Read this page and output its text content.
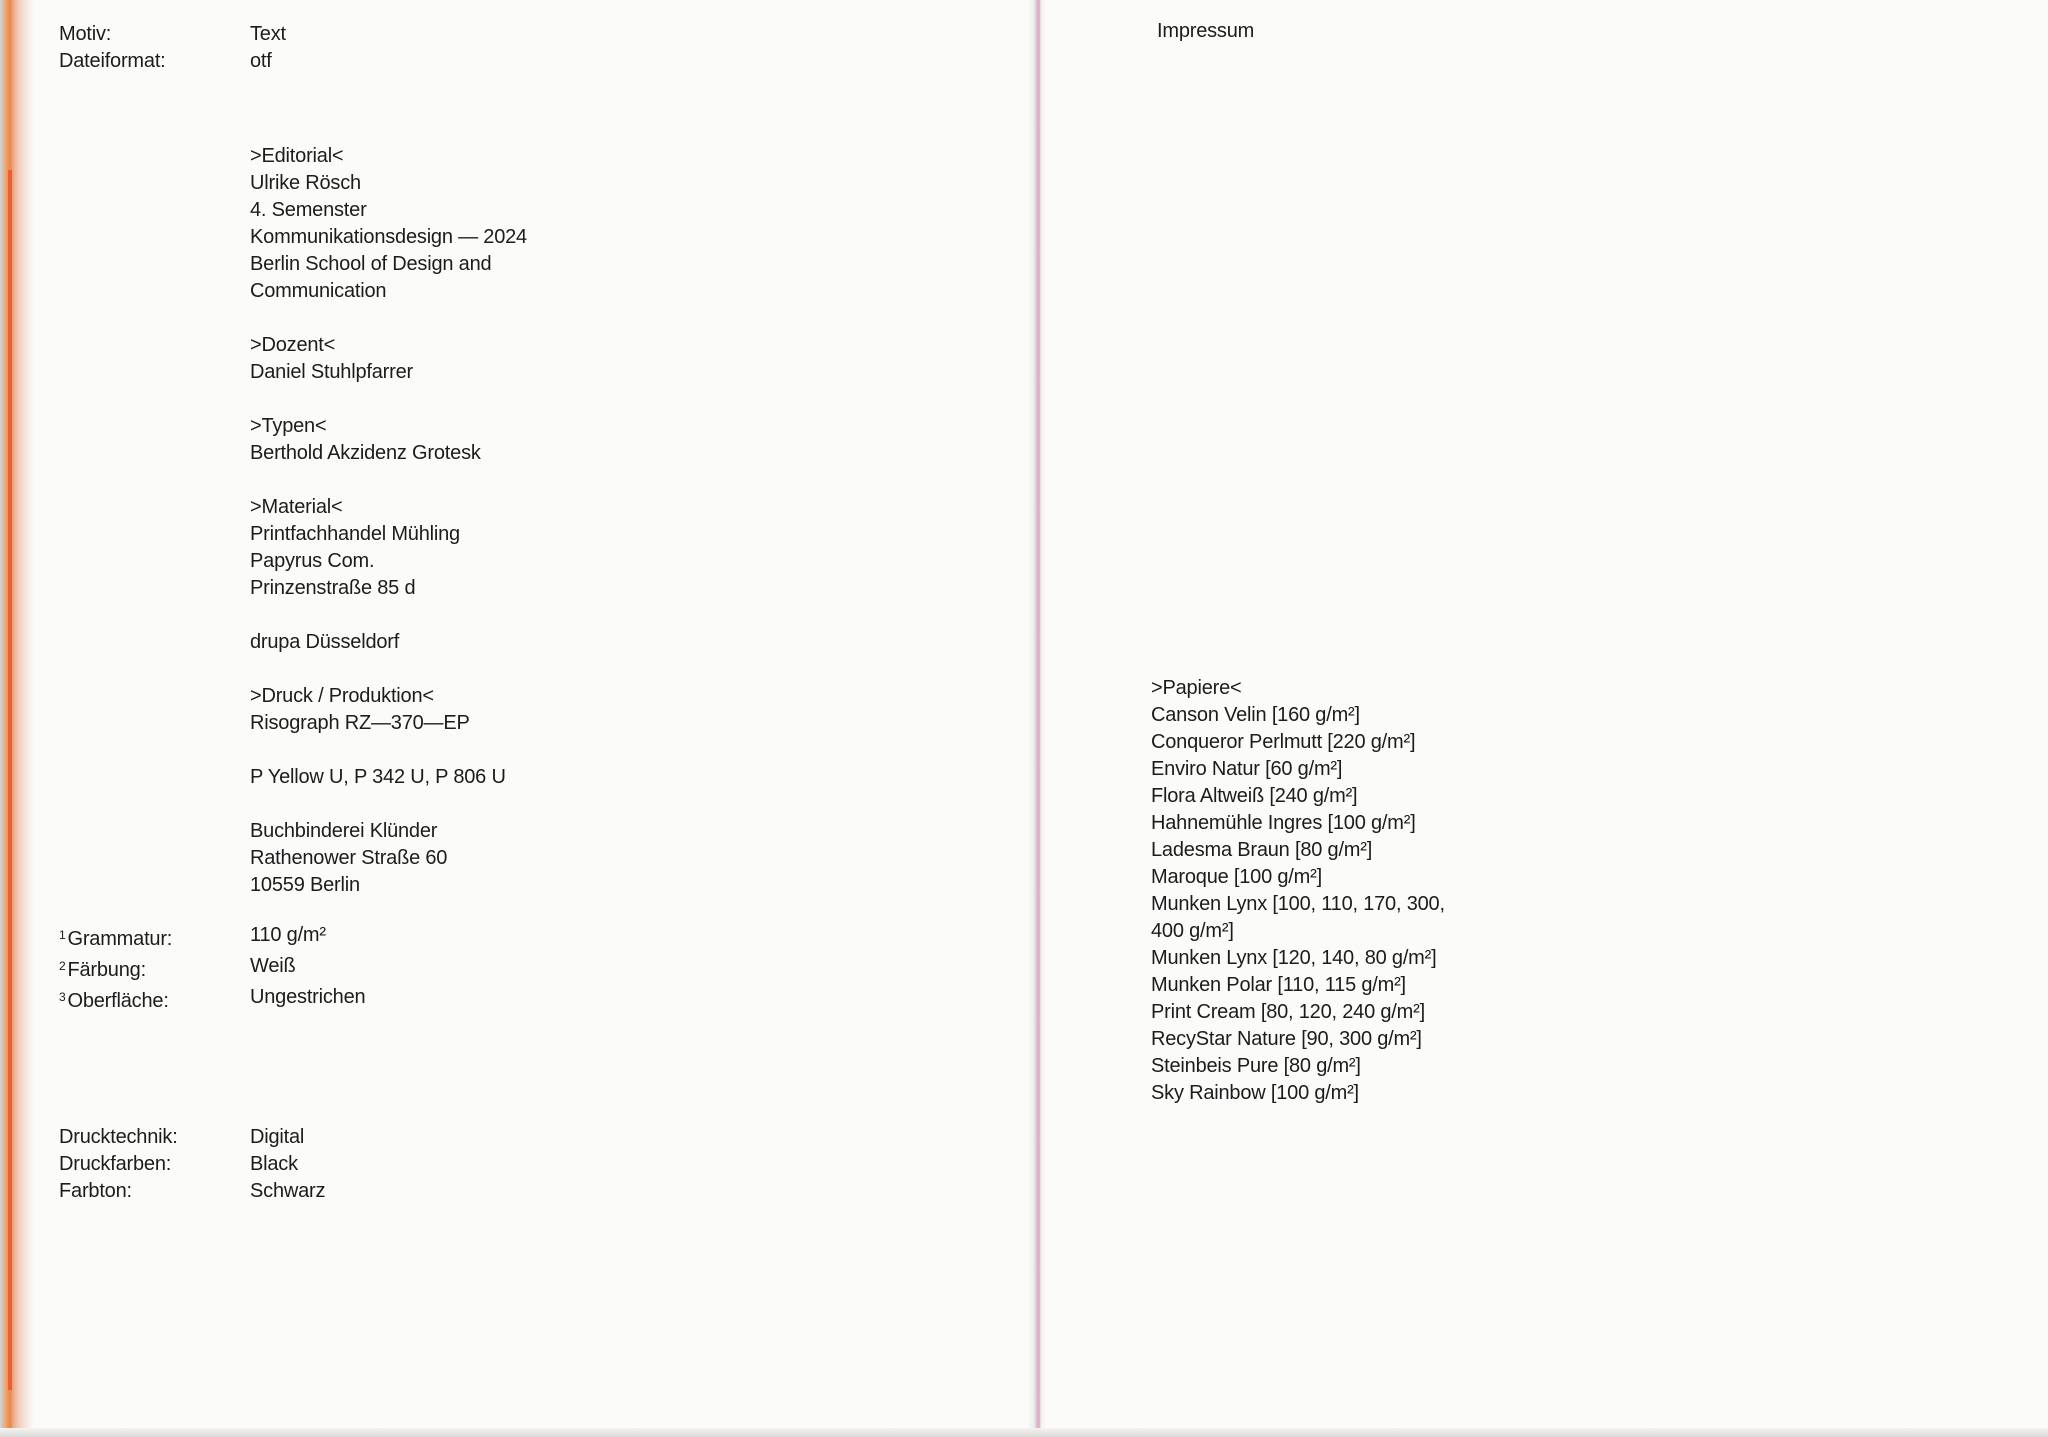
Motiv:	Text
Dateiformat:	otf
>Editorial<
Ulrike Rösch
4. Semenster
Kommunikationsdesign — 2024
Berlin School of Design and
Communication
>Dozent<
Daniel Stuhlpfarrer
>Typen<
Berthold Akzidenz Grotesk
>Material<
Printfachhandel Mühling
Papyrus Com.
Prinzenstraße 85 d
drupa Düsseldorf
>Druck / Produktion<
Risograph RZ—370—EP
P Yellow U, P 342 U, P 806 U
Buchbinderei Klünder
Rathenower Straße 60
10559 Berlin
$^1$ Grammatur:	110 g/m²
$^2$ Färbung:	Weiß
$^3$ Oberfläche:	Ungestrichen
Drucktechnik:	Digital
Druckfarben:	Black
Farbton:	Schwarz
Impressum
>Papiere<
Canson Velin [160 g/m²]
Conqueror Perlmutt [220 g/m²]
Enviro Natur [60 g/m²]
Flora Altweiß [240 g/m²]
Hahnemühle Ingres [100 g/m²]
Ladesma Braun [80 g/m²]
Maroque [100 g/m²]
Munken Lynx [100, 110, 170, 300,
400 g/m²]
Munken Lynx [120, 140, 80 g/m²]
Munken Polar [110, 115 g/m²]
Print Cream [80, 120, 240 g/m²]
RecyStar Nature [90, 300 g/m²]
Steinbeis Pure [80 g/m²]
Sky Rainbow [100 g/m²]
